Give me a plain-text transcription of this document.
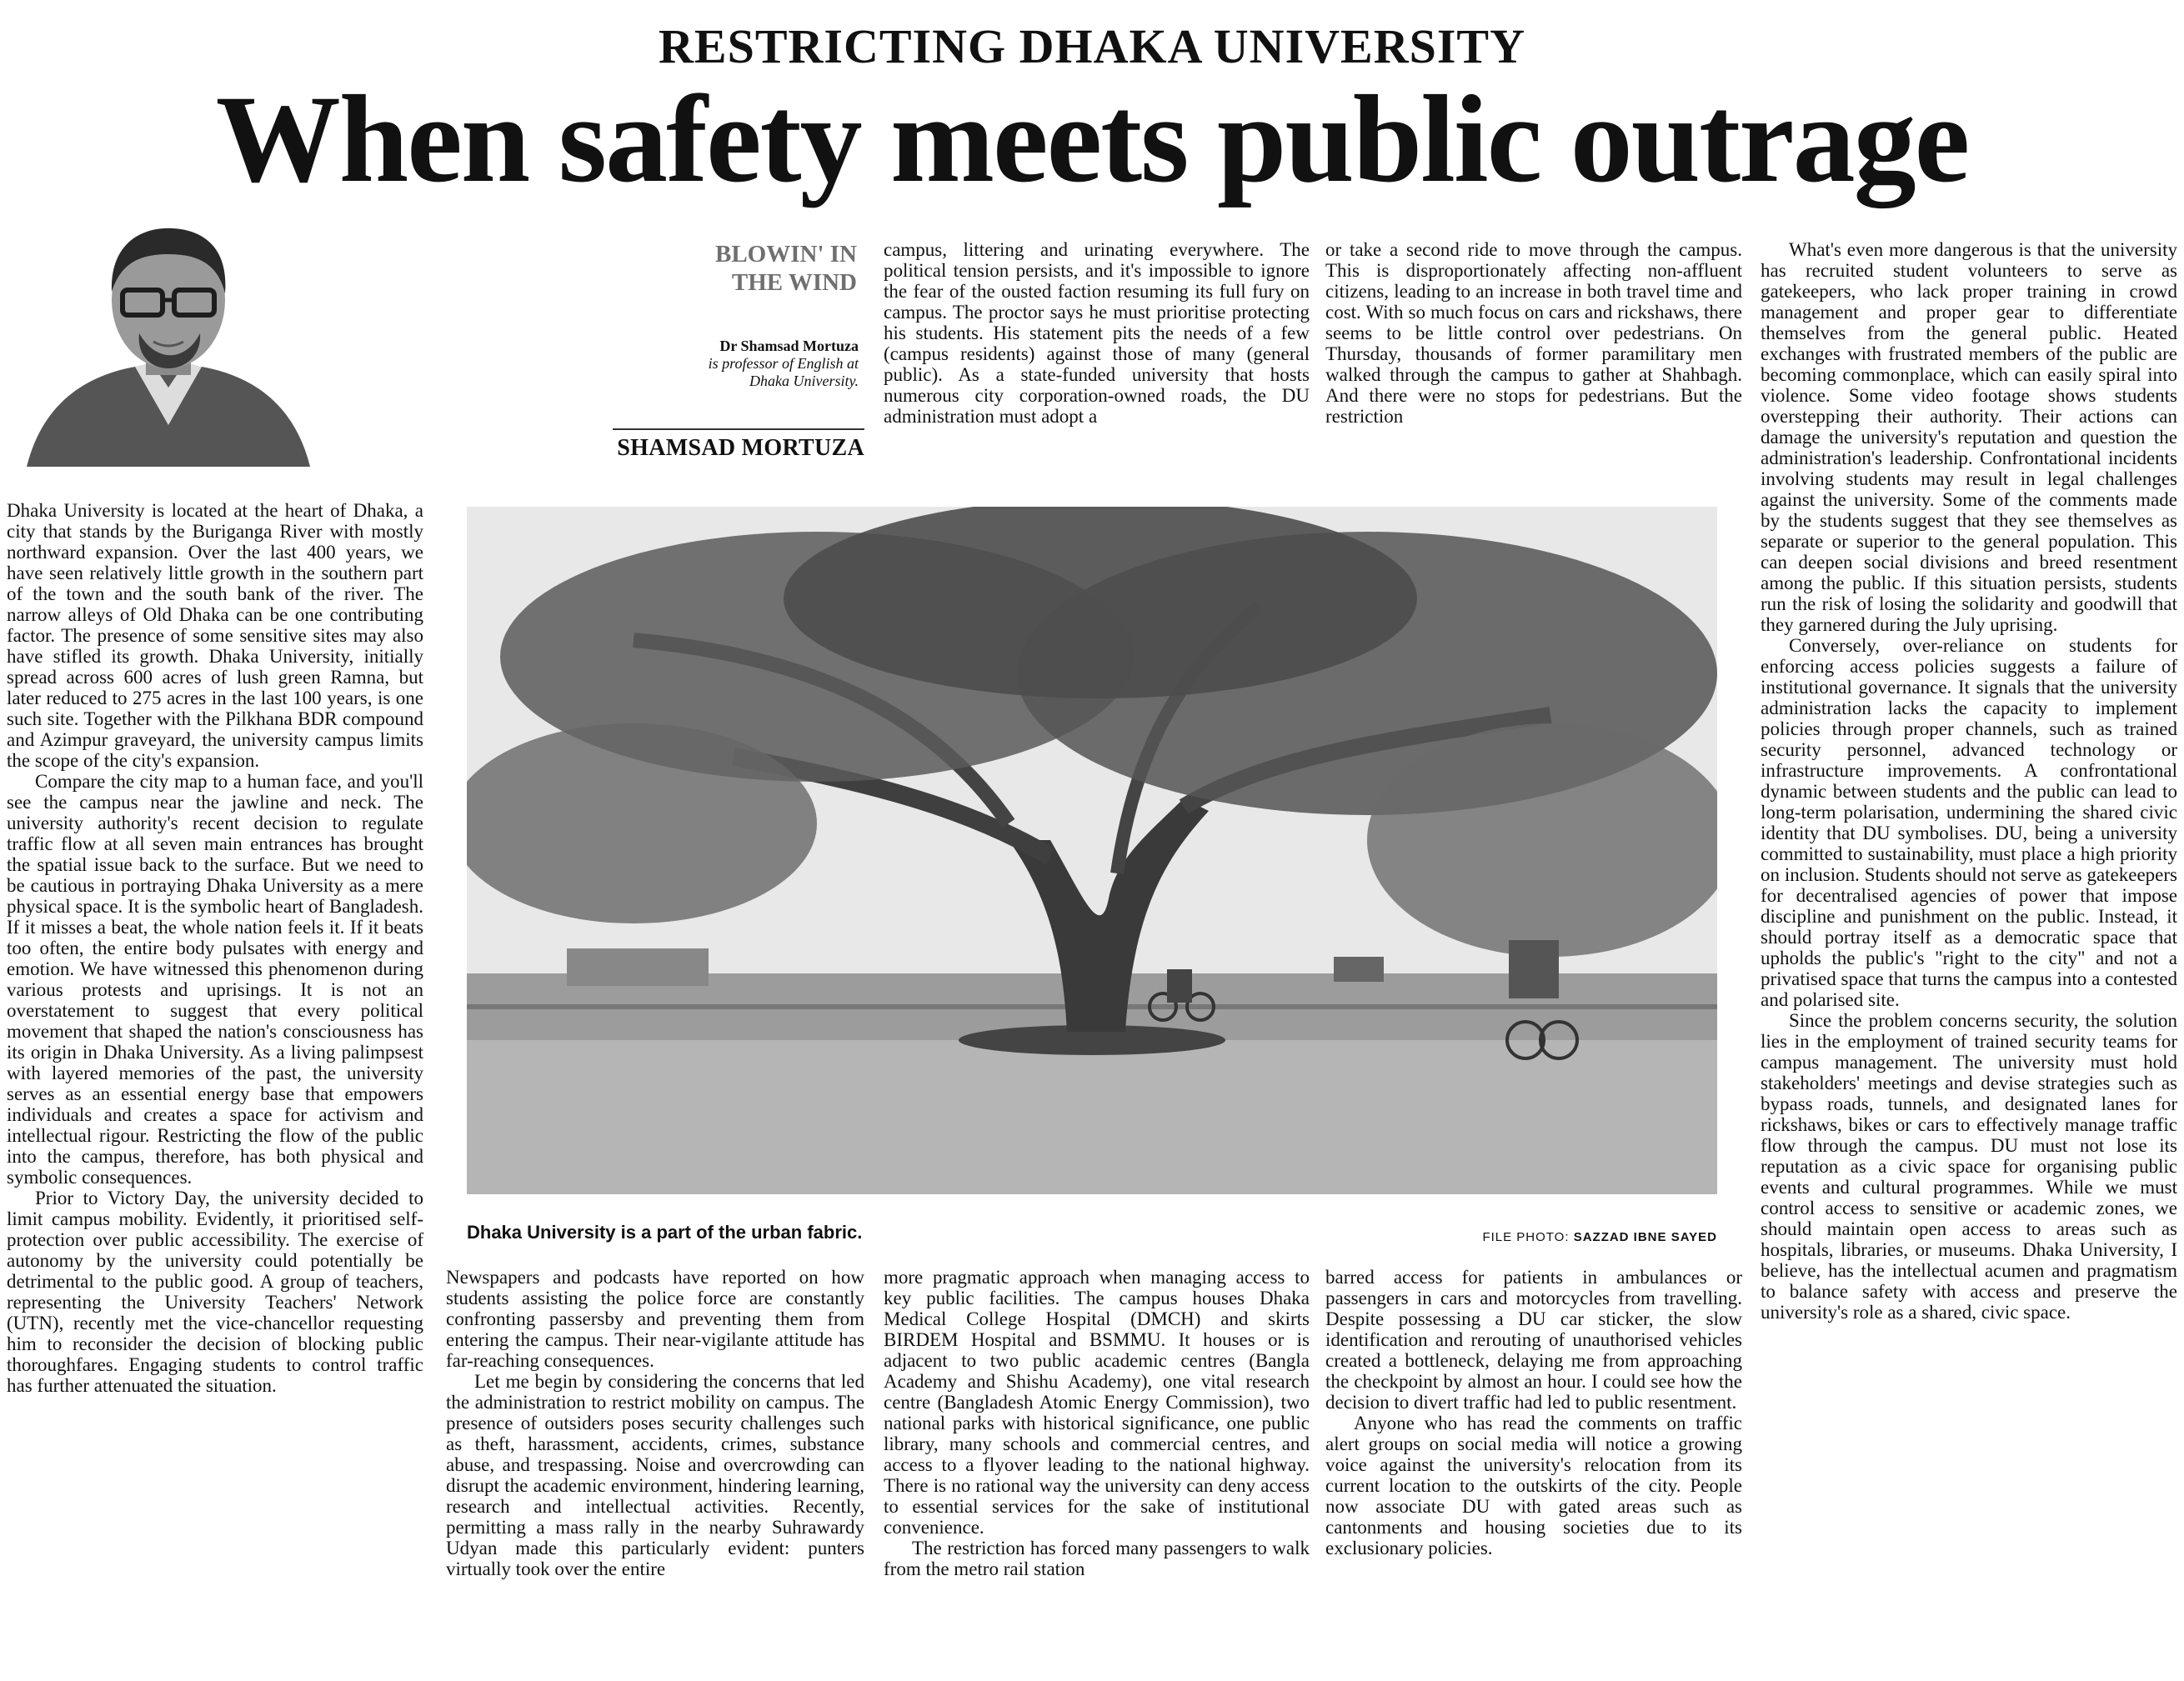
RESTRICTING DHAKA UNIVERSITY
When safety meets public outrage
BLOWIN' IN
THE WIND
Dr Shamsad Mortuza
is professor of English at
Dhaka University.
SHAMSAD MORTUZA

Dhaka University is located at the heart of Dhaka, a city that stands by the Buriganga River with mostly northward expansion. Over the last 400 years, we have seen relatively little growth in the southern part of the town and the south bank of the river. The narrow alleys of Old Dhaka can be one contributing factor. The presence of some sensitive sites may also have stifled its growth. Dhaka University, initially spread across 600 acres of lush green Ramna, but later reduced to 275 acres in the last 100 years, is one such site. Together with the Pilkhana BDR compound and Azimpur graveyard, the university campus limits the scope of the city's expansion.

Compare the city map to a human face, and you'll see the campus near the jawline and neck. The university authority's recent decision to regulate traffic flow at all seven main entrances has brought the spatial issue back to the surface. But we need to be cautious in portraying Dhaka University as a mere physical space. It is the symbolic heart of Bangladesh. If it misses a beat, the whole nation feels it. If it beats too often, the entire body pulsates with energy and emotion. We have witnessed this phenomenon during various protests and uprisings. It is not an overstatement to suggest that every political movement that shaped the nation's consciousness has its origin in Dhaka University. As a living palimpsest with layered memories of the past, the university serves as an essential energy base that empowers individuals and creates a space for activism and intellectual rigour. Restricting the flow of the public into the campus, therefore, has both physical and symbolic consequences.

Prior to Victory Day, the university decided to limit campus mobility. Evidently, it prioritised self-protection over public accessibility. The exercise of autonomy by the university could potentially be detrimental to the public good. A group of teachers, representing the University Teachers' Network (UTN), recently met the vice-chancellor requesting him to reconsider the decision of blocking public thoroughfares. Engaging students to control traffic has further attenuated the situation.

campus, littering and urinating everywhere. The political tension persists, and it's impossible to ignore the fear of the ousted faction resuming its full fury on campus. The proctor says he must prioritise protecting his students. His statement pits the needs of a few (campus residents) against those of many (general public). As a state-funded university that hosts numerous city corporation-owned roads, the DU administration must adopt a

or take a second ride to move through the campus. This is disproportionately affecting non-affluent citizens, leading to an increase in both travel time and cost. With so much focus on cars and rickshaws, there seems to be little control over pedestrians. On Thursday, thousands of former paramilitary men walked through the campus to gather at Shahbagh. And there were no stops for pedestrians. But the restriction

What's even more dangerous is that the university has recruited student volunteers to serve as gatekeepers, who lack proper training in crowd management and proper gear to differentiate themselves from the general public. Heated exchanges with frustrated members of the public are becoming commonplace, which can easily spiral into violence. Some video footage shows students overstepping their authority. Their actions can damage the university's reputation and question the administration's leadership. Confrontational incidents involving students may result in legal challenges against the university. Some of the comments made by the students suggest that they see themselves as separate or superior to the general population. This can deepen social divisions and breed resentment among the public. If this situation persists, students run the risk of losing the solidarity and goodwill that they garnered during the July uprising.

Conversely, over-reliance on students for enforcing access policies suggests a failure of institutional governance. It signals that the university administration lacks the capacity to implement policies through proper channels, such as trained security personnel, advanced technology or infrastructure improvements. A confrontational dynamic between students and the public can lead to long-term polarisation, undermining the shared civic identity that DU symbolises. DU, being a university committed to sustainability, must place a high priority on inclusion. Students should not serve as gatekeepers for decentralised agencies of power that impose discipline and punishment on the public. Instead, it should portray itself as a democratic space that upholds the public's "right to the city" and not a privatised space that turns the campus into a contested and polarised site.

Since the problem concerns security, the solution lies in the employment of trained security teams for campus management. The university must hold stakeholders' meetings and devise strategies such as bypass roads, tunnels, and designated lanes for rickshaws, bikes or cars to effectively manage traffic flow through the campus. DU must not lose its reputation as a civic space for organising public events and cultural programmes. While we must control access to sensitive or academic zones, we should maintain open access to areas such as hospitals, libraries, or museums. Dhaka University, I believe, has the intellectual acumen and pragmatism to balance safety with access and preserve the university's role as a shared, civic space.

Dhaka University is a part of the urban fabric.	FILE PHOTO: SAZZAD IBNE SAYED

Newspapers and podcasts have reported on how students assisting the police force are constantly confronting passersby and preventing them from entering the campus. Their near-vigilante attitude has far-reaching consequences.

Let me begin by considering the concerns that led the administration to restrict mobility on campus. The presence of outsiders poses security challenges such as theft, harassment, accidents, crimes, substance abuse, and trespassing. Noise and overcrowding can disrupt the academic environment, hindering learning, research and intellectual activities. Recently, permitting a mass rally in the nearby Suhrawardy Udyan made this particularly evident: punters virtually took over the entire

more pragmatic approach when managing access to key public facilities. The campus houses Dhaka Medical College Hospital (DMCH) and skirts BIRDEM Hospital and BSMMU. It houses or is adjacent to two public academic centres (Bangla Academy and Shishu Academy), one vital research centre (Bangladesh Atomic Energy Commission), two national parks with historical significance, one public library, many schools and commercial centres, and access to a flyover leading to the national highway. There is no rational way the university can deny access to essential services for the sake of institutional convenience.

The restriction has forced many passengers to walk from the metro rail station

barred access for patients in ambulances or passengers in cars and motorcycles from travelling. Despite possessing a DU car sticker, the slow identification and rerouting of unauthorised vehicles created a bottleneck, delaying me from approaching the checkpoint by almost an hour. I could see how the decision to divert traffic had led to public resentment.

Anyone who has read the comments on traffic alert groups on social media will notice a growing voice against the university's relocation from its current location to the outskirts of the city. People now associate DU with gated areas such as cantonments and housing societies due to its exclusionary policies.
